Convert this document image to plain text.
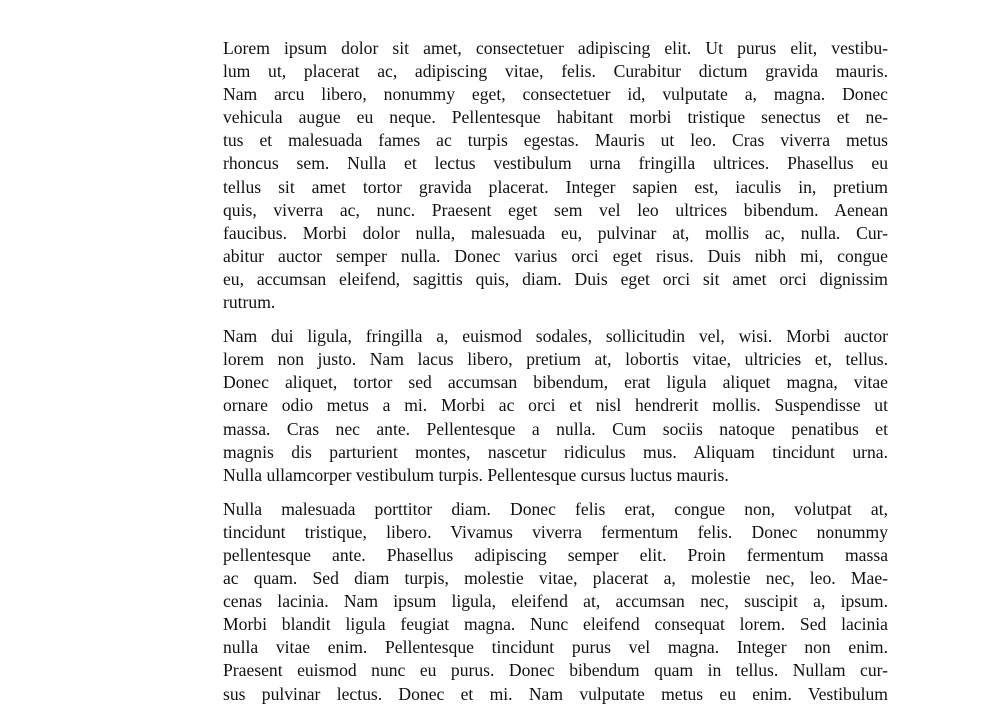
Lorem ipsum dolor sit amet, consectetuer adipiscing elit. Ut purus elit, vestibu-
lum ut, placerat ac, adipiscing vitae, felis. Curabitur dictum gravida mauris.
Nam arcu libero, nonummy eget, consectetuer id, vulputate a, magna. Donec
vehicula augue eu neque. Pellentesque habitant morbi tristique senectus et ne-
tus et malesuada fames ac turpis egestas. Mauris ut leo. Cras viverra metus
rhoncus sem. Nulla et lectus vestibulum urna fringilla ultrices. Phasellus eu
tellus sit amet tortor gravida placerat. Integer sapien est, iaculis in, pretium
quis, viverra ac, nunc. Praesent eget sem vel leo ultrices bibendum. Aenean
faucibus. Morbi dolor nulla, malesuada eu, pulvinar at, mollis ac, nulla. Cur-
abitur auctor semper nulla. Donec varius orci eget risus. Duis nibh mi, congue
eu, accumsan eleifend, sagittis quis, diam. Duis eget orci sit amet orci dignissim
rutrum.
Nam dui ligula, fringilla a, euismod sodales, sollicitudin vel, wisi. Morbi auctor
lorem non justo. Nam lacus libero, pretium at, lobortis vitae, ultricies et, tellus.
Donec aliquet, tortor sed accumsan bibendum, erat ligula aliquet magna, vitae
ornare odio metus a mi. Morbi ac orci et nisl hendrerit mollis. Suspendisse ut
massa. Cras nec ante. Pellentesque a nulla. Cum sociis natoque penatibus et
magnis dis parturient montes, nascetur ridiculus mus. Aliquam tincidunt urna.
Nulla ullamcorper vestibulum turpis. Pellentesque cursus luctus mauris.
Nulla malesuada porttitor diam. Donec felis erat, congue non, volutpat at,
tincidunt tristique, libero. Vivamus viverra fermentum felis. Donec nonummy
pellentesque ante. Phasellus adipiscing semper elit. Proin fermentum massa
ac quam. Sed diam turpis, molestie vitae, placerat a, molestie nec, leo. Mae-
cenas lacinia. Nam ipsum ligula, eleifend at, accumsan nec, suscipit a, ipsum.
Morbi blandit ligula feugiat magna. Nunc eleifend consequat lorem. Sed lacinia
nulla vitae enim. Pellentesque tincidunt purus vel magna. Integer non enim.
Praesent euismod nunc eu purus. Donec bibendum quam in tellus. Nullam cur-
sus pulvinar lectus. Donec et mi. Nam vulputate metus eu enim. Vestibulum
